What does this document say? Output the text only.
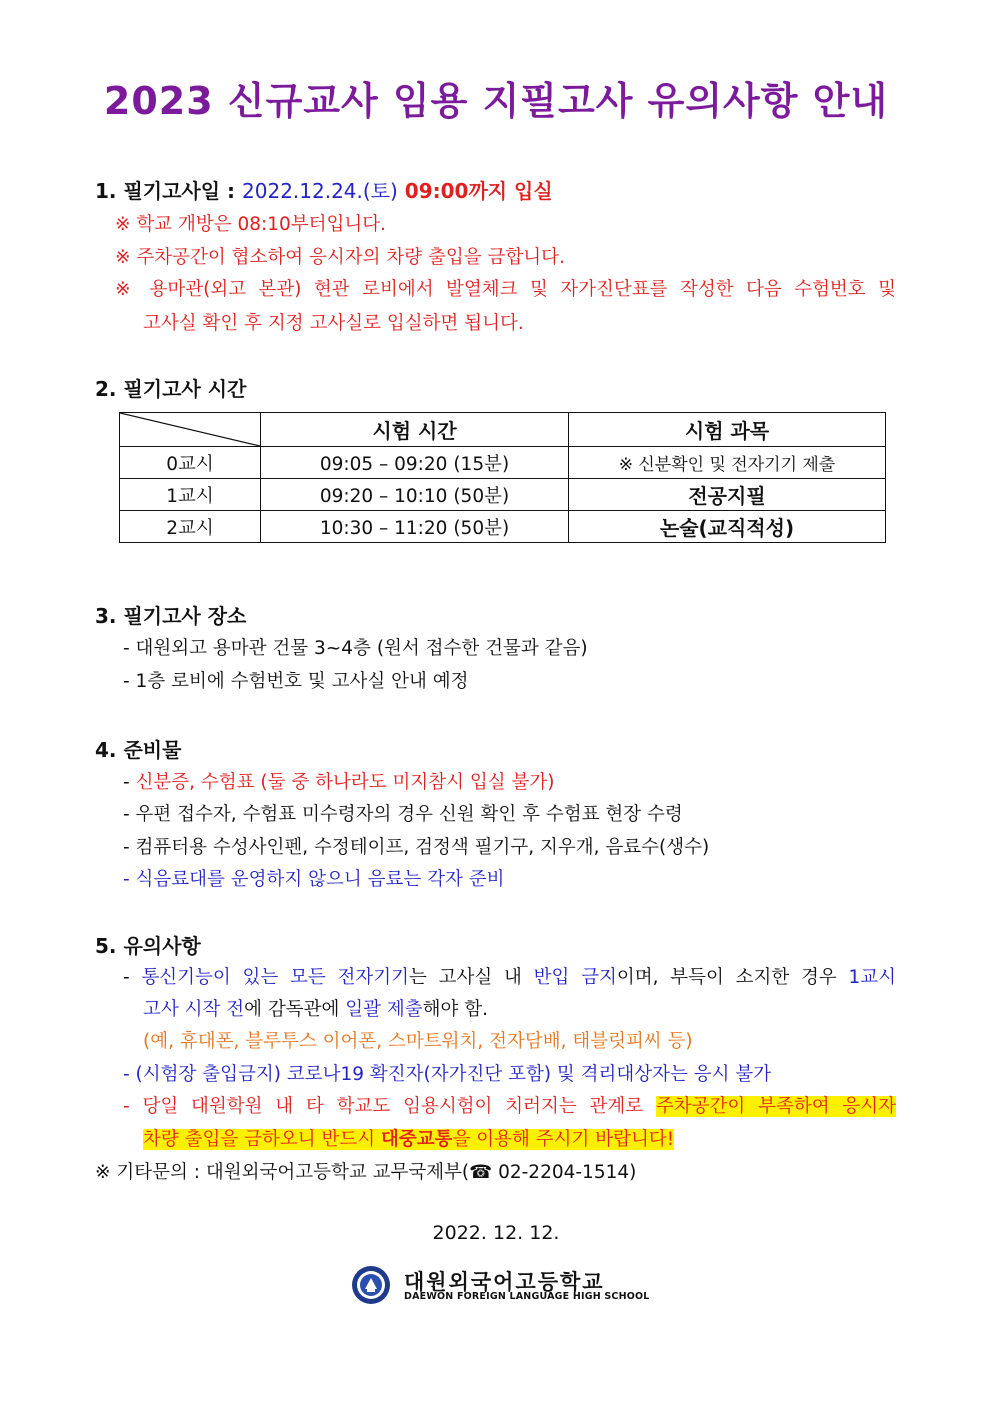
2023 신규교사 임용 지필고사 유의사항 안내
1. 필기고사일 : 2022.12.24.(토) 09:00까지 입실
※ 학교 개방은 08:10부터입니다.
※ 주차공간이 협소하여 응시자의 차량 출입을 금합니다.
※ 용마관(외고 본관) 현관 로비에서 발열체크 및 자가진단표를 작성한 다음 수험번호 및
고사실 확인 후 지정 고사실로 입실하면 됩니다.
2. 필기고사 시간
	시험 시간	시험 과목
0교시	09:05 – 09:20 (15분)	※ 신분확인 및 전자기기 제출
1교시	09:20 – 10:10 (50분)	전공지필
2교시	10:30 – 11:20 (50분)	논술(교직적성)
3. 필기고사 장소
- 대원외고 용마관 건물 3~4층 (원서 접수한 건물과 같음)
- 1층 로비에 수험번호 및 고사실 안내 예정
4. 준비물
- 신분증, 수험표 (둘 중 하나라도 미지참시 입실 불가)
- 우편 접수자, 수험표 미수령자의 경우 신원 확인 후 수험표 현장 수령
- 컴퓨터용 수성사인펜, 수정테이프, 검정색 필기구, 지우개, 음료수(생수)
- 식음료대를 운영하지 않으니 음료는 각자 준비
5. 유의사항
- 통신기능이 있는 모든 전자기기는 고사실 내 반입 금지이며, 부득이 소지한 경우 1교시
고사 시작 전에 감독관에 일괄 제출해야 함.
(예, 휴대폰, 블루투스 이어폰, 스마트워치, 전자담배, 태블릿피씨 등)
- (시험장 출입금지) 코로나19 확진자(자가진단 포함) 및 격리대상자는 응시 불가
- 당일 대원학원 내 타 학교도 임용시험이 치러지는 관계로 주차공간이 부족하여 응시자
차량 출입을 금하오니 반드시 대중교통을 이용해 주시기 바랍니다!
※ 기타문의 : 대원외국어고등학교 교무국제부(☎ 02-2204-1514)
2022. 12. 12.
대원외국어고등학교
DAEWON FOREIGN LANGUAGE HIGH SCHOOL
